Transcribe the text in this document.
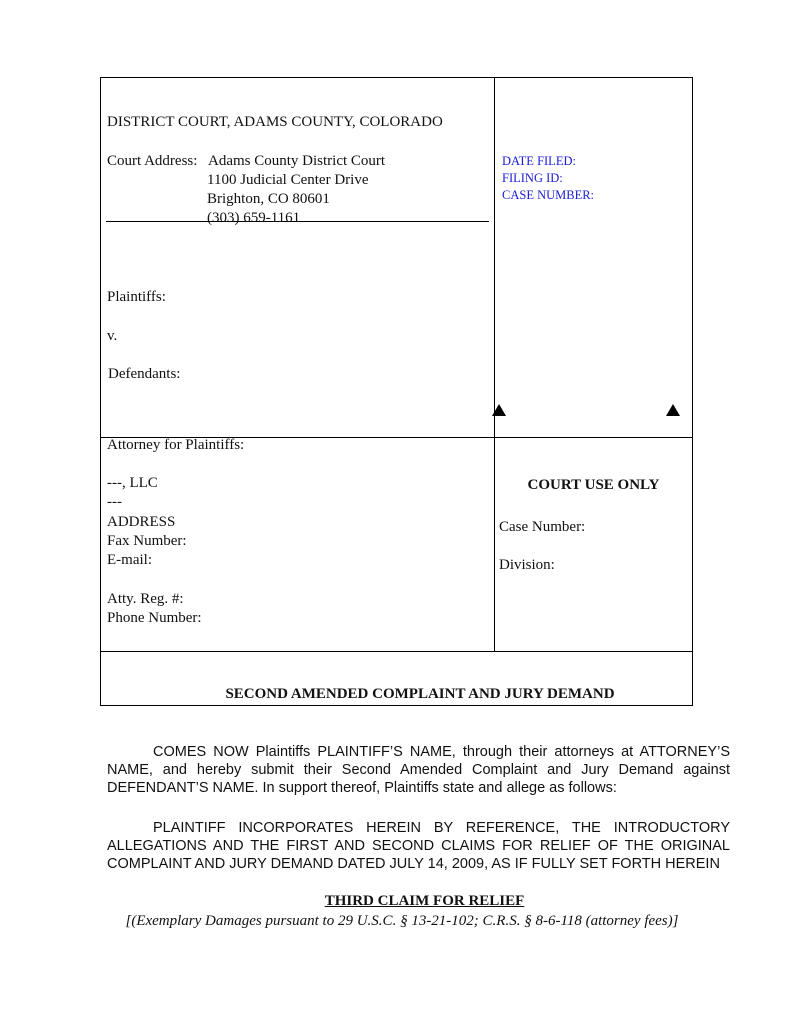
DISTRICT COURT, ADAMS COUNTY, COLORADO
Court Address: Adams County District Court
1100 Judicial Center Drive
Brighton, CO 80601
(303) 659-1161
Plaintiffs:
v.
Defendants:
DATE FILED:
FILING ID:
CASE NUMBER:
Attorney for Plaintiffs:
---, LLC
---
ADDRESS
Fax Number:
E-mail:
Atty. Reg. #:
Phone Number:
COURT USE ONLY
Case Number:
Division:
SECOND AMENDED COMPLAINT AND JURY DEMAND
COMES NOW Plaintiffs PLAINTIFF’S NAME, through their attorneys at ATTORNEY’S NAME, and hereby submit their Second Amended Complaint and Jury Demand against DEFENDANT’S NAME. In support thereof, Plaintiffs state and allege as follows:
PLAINTIFF INCORPORATES HEREIN BY REFERENCE, THE INTRODUCTORY ALLEGATIONS AND THE FIRST AND SECOND CLAIMS FOR RELIEF OF THE ORIGINAL COMPLAINT AND JURY DEMAND DATED JULY 14, 2009, AS IF FULLY SET FORTH HEREIN
THIRD CLAIM FOR RELIEF
[(Exemplary Damages pursuant to 29 U.S.C. § 13-21-102; C.R.S. § 8-6-118 (attorney fees)]
